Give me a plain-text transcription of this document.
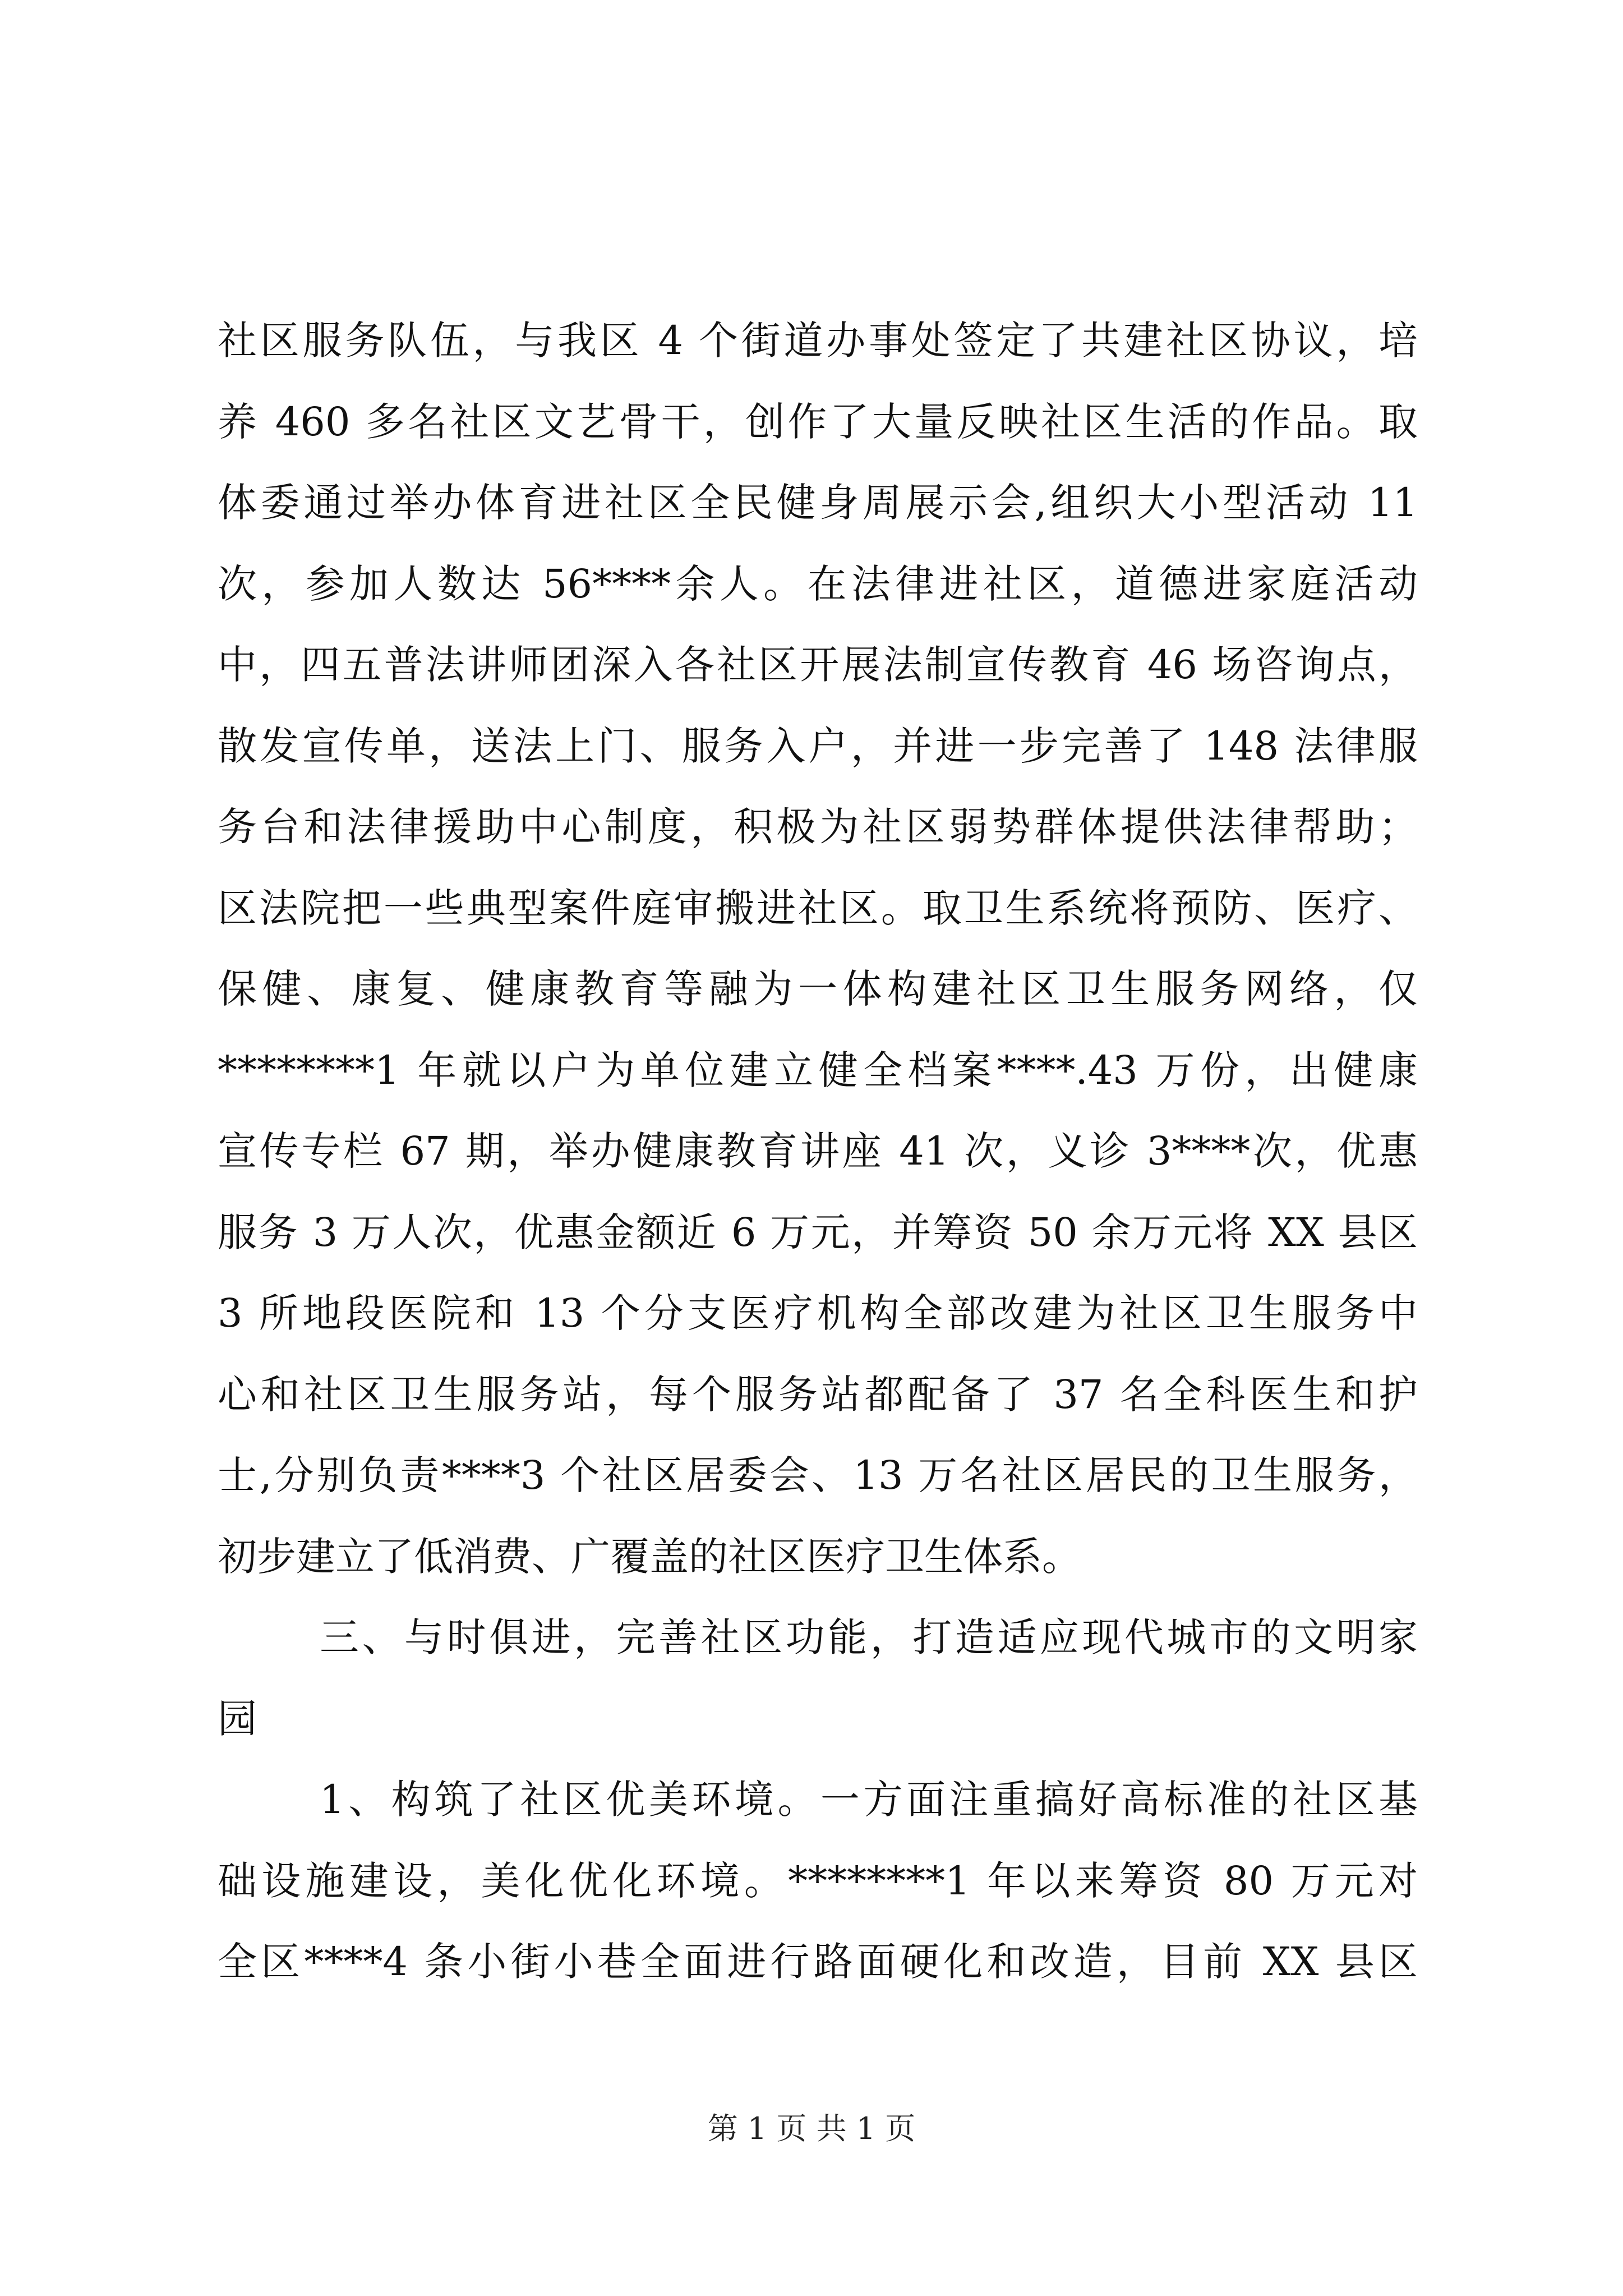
社区服务队伍，与我区 4 个街道办事处签定了共建社区协议，培
养 460 多名社区文艺骨干，创作了大量反映社区生活的作品。取
体委通过举办体育进社区全民健身周展示会,组织大小型活动 11
次，参加人数达 56****余人。在法律进社区，道德进家庭活动
中，四五普法讲师团深入各社区开展法制宣传教育 46 场咨询点，
散发宣传单，送法上门、服务入户，并进一步完善了 148 法律服
务台和法律援助中心制度，积极为社区弱势群体提供法律帮助；
区法院把一些典型案件庭审搬进社区。取卫生系统将预防、医疗、
保健、康复、健康教育等融为一体构建社区卫生服务网络，仅
********1 年就以户为单位建立健全档案****.43 万份，出健康
宣传专栏 67 期，举办健康教育讲座 41 次，义诊 3****次，优惠
服务 3 万人次，优惠金额近 6 万元，并筹资 50 余万元将 XX 县区
3 所地段医院和 13 个分支医疗机构全部改建为社区卫生服务中
心和社区卫生服务站，每个服务站都配备了 37 名全科医生和护
士,分别负责****3 个社区居委会、13 万名社区居民的卫生服务，
初步建立了低消费、广覆盖的社区医疗卫生体系。
三、与时俱进，完善社区功能，打造适应现代城市的文明家
园
1、构筑了社区优美环境。一方面注重搞好高标准的社区基
础设施建设，美化优化环境。********1 年以来筹资 80 万元对
全区****4 条小街小巷全面进行路面硬化和改造，目前 XX 县区
第 1 页 共 1 页
